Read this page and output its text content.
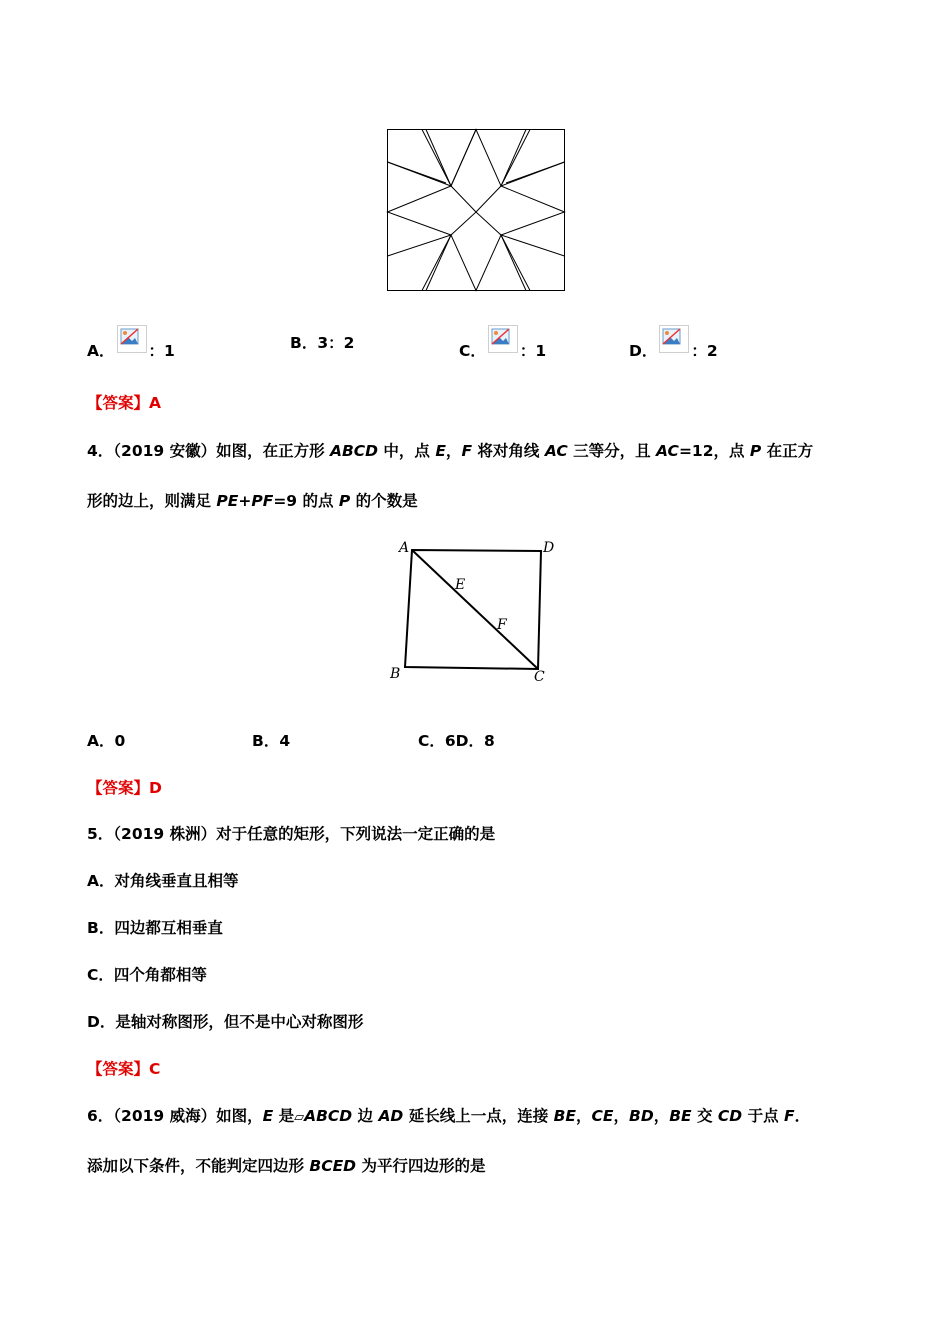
A． ：1	B．3：2	C． ：1	D． ：2
【答案】A
4．（2019 安徽）如图，在正方形 ABCD 中，点 E，F 将对角线 AC 三等分，且 AC=12，点 P 在正方
形的边上，则满足 PE+PF=9 的点 P 的个数是
A	D
B	C
E
F
A．0	B．4	C．6D．8
【答案】D
5．（2019 株洲）对于任意的矩形，下列说法一定正确的是
A．对角线垂直且相等
B．四边都互相垂直
C．四个角都相等
D．是轴对称图形，但不是中心对称图形
【答案】C
6．（2019 威海）如图，E 是▱ABCD 边 AD 延长线上一点，连接 BE，CE，BD，BE 交 CD 于点 F．
添加以下条件，不能判定四边形 BCED 为平行四边形的是
